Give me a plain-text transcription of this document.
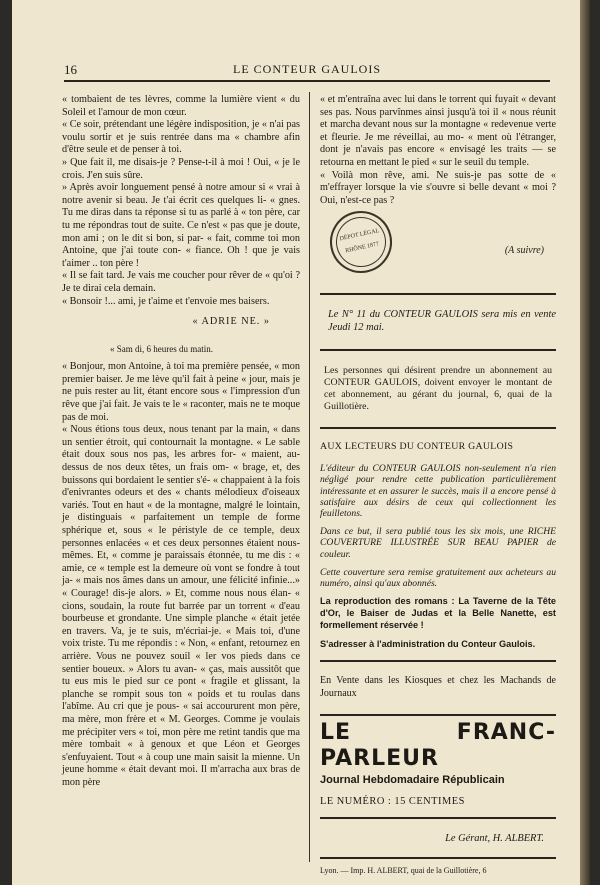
16	LE CONTEUR GAULOIS

« tombaient de tes lèvres, comme la lumière vient « du Soleil et l'amour de mon cœur.

« Ce soir, prétendant une légère indisposition, je « n'ai pas voulu sortir et je suis rentrée dans ma « chambre afin d'être seule et de penser à toi.

» Que fait il, me disais-je ? Pense-t-il à moi ! Oui, « je le crois. J'en suis sûre.

» Après avoir longuement pensé à notre amour si « vrai à notre avenir si beau. Je t'ai écrit ces quelques li- « gnes. Tu me diras dans ta réponse si tu as parlé à « ton père, car tu me répondras tout de suite. Ce n'est « pas que je doute, mon ami ; on le dit si bon, si par- « fait, comme toi mon Antoine, que j'ai toute con- « fiance. Oh ! que je vais t'aimer .. ton père !

« Il se fait tard. Je vais me coucher pour rêver de « qu'oi ? Je te dirai cela demain.

« Bonsoir !... ami, je t'aime et t'envoie mes baisers.

« ADRIE NE. »

« Sam di, 6 heures du matin.

« Bonjour, mon Antoine, à toi ma première pensée, « mon premier baiser. Je me lève qu'il fait à peine « jour, mais je ne puis rester au lit, étant encore sous « l'impression d'un rêve que j'ai fait. Je vais te le « raconter, mais ne te moque pas de moi.

« Nous étions tous deux, nous tenant par la main, « dans un sentier étroit, qui contournait la montagne. « Le sable était doux sous nos pas, les arbres for- « maient, au-dessus de nos deux têtes, un frais om- « brage, et, des buissons qui bordaient le sentier s'é- « chappaient à la fois d'enivrantes odeurs et des « chants mélodieux d'oiseaux variés. Tout en haut « de la montagne, malgré le lointain, je distinguais « parfaitement un temple de forme sphérique et, sous « le péristyle de ce temple, deux personnes enlacées « et ces deux personnes étaient nous-mêmes. Et, « comme je paraissais étonnée, tu me dis : « amie, ce « temple est la demeure où vont se fondre à tout ja- « mais nos âmes dans un amour, une félicité infinie...» « Courage! dis-je alors. » Et, comme nous nous élan- « cions, soudain, la route fut barrée par un torrent « d'eau bourbeuse et grondante. Une simple planche « était jetée en travers. Va, je te suis, m'écriai-je. « Mais toi, d'une voix triste. Tu me répondis : « Non, « enfant, retournez en arrière. Vous ne pouvez souil « ler vos pieds dans ce sentier boueux. » Alors tu avan- « ças, mais aussitôt que tu eus mis le pied sur ce pont « fragile et glissant, la planche se rompit sous ton « poids et tu roulas dans l'abîme. Au cri que je pous- « sai accoururent mon père, ma mère, mon frère et « M. Georges. Comme je voulais me précipiter vers « toi, mon père me retint tandis que ma mère tombait « à genoux et que Léon et Georges s'enfuyaient. Tout « à coup une main saisit la mienne. Un jeune homme « était devant moi. Il m'arracha aux bras de mon père

« et m'entraîna avec lui dans le torrent qui fuyait « devant ses pas. Nous parvînmes ainsi jusqu'à toi il « nous réunit et marcha devant nous sur la montagne « redevenue verte et fleurie. Je me réveillai, au mo- « ment où l'étranger, dont je n'avais pas encore « envisagé les traits — se retourna en mettant le pied « sur le seuil du temple.

« Voilà mon rêve, ami. Ne suis-je pas sotte de « m'effrayer lorsque la vie s'ouvre si belle devant « moi ? Oui, n'est-ce pas ?

DÉPOT LÉGAL RHÔNE 1877	(A suivre)

Le N° 11 du CONTEUR GAULOIS sera mis en vente Jeudi 12 mai.

Les personnes qui désirent prendre un abonnement au CONTEUR GAULOIS, doivent envoyer le montant de cet abonnement, au gérant du journal, 6, quai de la Guillotière.

AUX LECTEURS DU CONTEUR GAULOIS

L'éditeur du CONTEUR GAULOIS non-seulement n'a rien négligé pour rendre cette publication particulièrement intéressante et en assurer le succès, mais il a encore pensé à satisfaire aux désirs de ceux qui collectionnent les feuilletons.

Dans ce but, il sera publié tous les six mois, une RICHE COUVERTURE ILLUSTRÉE SUR BEAU PAPIER de couleur.

Cette couverture sera remise gratuitement aux acheteurs au numéro, ainsi qu'aux abonnés.

La reproduction des romans : La Taverne de la Tête d'Or, le Baiser de Judas et la Belle Nanette, est formellement réservée !

S'adresser à l'administration du Conteur Gaulois.

En Vente dans les Kiosques et chez les Machands de Journaux

LE FRANC-PARLEUR

Journal Hebdomadaire Républicain

LE NUMÉRO : 15 CENTIMES

Le Gérant, H. ALBERT.

Lyon. — Imp. H. ALBERT, quai de la Guillotière, 6
